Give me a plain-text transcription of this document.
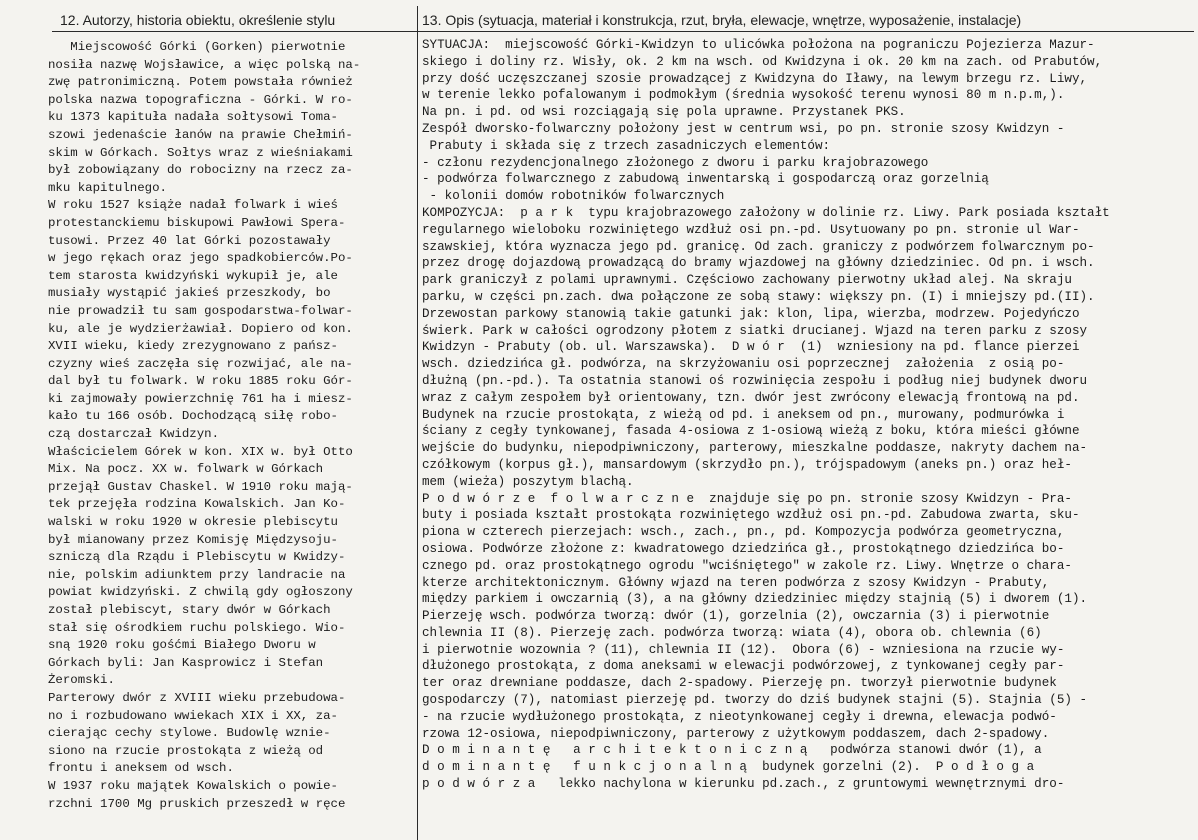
12. Autorzy, historia obiektu, określenie stylu	13. Opis (sytuacja, materiał i konstrukcja, rzut, bryła, elewacje, wnętrze, wyposażenie, instalacje)
Miejscowość Górki (Gorken) pierwotnie
nosiła nazwę Wojsławice, a więc polską na-
zwę patronimiczną. Potem powstała również
polska nazwa topograficzna - Górki. W ro-
ku 1373 kapituła nadała sołtysowi Toma-
szowi jedenaście łanów na prawie Chełmiń-
skim w Górkach. Sołtys wraz z wieśniakami
był zobowiązany do robocizny na rzecz za-
mku kapitulnego.
W roku 1527 książe nadał folwark i wieś
protestanckiemu biskupowi Pawłowi Spera-
tusowi. Przez 40 lat Górki pozostawały
w jego rękach oraz jego spadkobierców.Po-
tem starosta kwidzyński wykupił je, ale
musiały wystąpić jakieś przeszkody, bo
nie prowadził tu sam gospodarstwa-folwar-
ku, ale je wydzierżawiał. Dopiero od kon.
XVII wieku, kiedy zrezygnowano z pańsz-
czyzny wieś zaczęła się rozwijać, ale na-
dal był tu folwark. W roku 1885 roku Gór-
ki zajmowały powierzchnię 761 ha i miesz-
kało tu 166 osób. Dochodzącą siłę robo-
czą dostarczał Kwidzyn.
Właścicielem Górek w kon. XIX w. był Otto
Mix. Na pocz. XX w. folwark w Górkach
przejął Gustav Chaskel. W 1910 roku mają-
tek przejęła rodzina Kowalskich. Jan Ko-
walski w roku 1920 w okresie plebiscytu
był mianowany przez Komisję Międzysoju-
szniczą dla Rządu i Plebiscytu w Kwidzy-
nie, polskim adiunktem przy landracie na
powiat kwidzyński. Z chwilą gdy ogłoszony
został plebiscyt, stary dwór w Górkach
stał się ośrodkiem ruchu polskiego. Wio-
sną 1920 roku gośćmi Białego Dworu w
Górkach byli: Jan Kasprowicz i Stefan
Żeromski.
Parterowy dwór z XVIII wieku przebudowa-
no i rozbudowano wwiekach XIX i XX, za-
cierając cechy stylowe. Budowlę wznie-
siono na rzucie prostokąta z wieżą od
frontu i aneksem od wsch.
W 1937 roku majątek Kowalskich o powie-
rzchni 1700 Mg pruskich przeszedł w ręce
SYTUACJA:  miejscowość Górki-Kwidzyn to ulicówka położona na pograniczu Pojezierza Mazur-
skiego i doliny rz. Wisły, ok. 2 km na wsch. od Kwidzyna i ok. 20 km na zach. od Prabutów,
przy dość uczęszczanej szosie prowadzącej z Kwidzyna do Iławy, na lewym brzegu rz. Liwy,
w terenie lekko pofalowanym i podmokłym (średnia wysokość terenu wynosi 80 m n.p.m,).
Na pn. i pd. od wsi rozciągają się pola uprawne. Przystanek PKS.
Zespół dworsko-folwarczny położony jest w centrum wsi, po pn. stronie szosy Kwidzyn -
Prabuty i składa się z trzech zasadniczych elementów:
- członu rezydencjonalnego złożonego z dworu i parku krajobrazowego
- podwórza folwarcznego z zabudową inwentarską i gospodarczą oraz gorzelnią
- kolonii domów robotników folwarcznych
KOMPOZYCJA:  p a r k  typu krajobrazowego założony w dolinie rz. Liwy. Park posiada kształt
regularnego wieloboku rozwiniętego wzdłuż osi pn.-pd. Usytuowany po pn. stronie ul War-
szawskiej, która wyznacza jego pd. granicę. Od zach. graniczy z podwórzem folwarcznym po-
przez drogę dojazdową prowadzącą do bramy wjazdowej na główny dziedziniec. Od pn. i wsch.
park graniczył z polami uprawnymi. Częściowo zachowany pierwotny układ alej. Na skraju
parku, w części pn.zach. dwa połączone ze sobą stawy: większy pn. (I) i mniejszy pd.(II).
Drzewostan parkowy stanowią takie gatunki jak: klon, lipa, wierzba, modrzew. Pojedyńczo
świerk. Park w całości ogrodzony płotem z siatki drucianej. Wjazd na teren parku z szosy
Kwidzyn - Prabuty (ob. ul. Warszawska).  D w ó r  (1)  wzniesiony na pd. flance pierzei
wsch. dziedzińca gł. podwórza, na skrzyżowaniu osi poprzecznej  założenia  z osią po-
dłużną (pn.-pd.). Ta ostatnia stanowi oś rozwinięcia zespołu i podług niej budynek dworu
wraz z całym zespołem był orientowany, tzn. dwór jest zwrócony elewacją frontową na pd.
Budynek na rzucie prostokąta, z wieżą od pd. i aneksem od pn., murowany, podmurówka i
ściany z cegły tynkowanej, fasada 4-osiowa z 1-osiową wieżą z boku, która mieści główne
wejście do budynku, niepodpiwniczony, parterowy, mieszkalne poddasze, nakryty dachem na-
czółkowym (korpus gł.), mansardowym (skrzydło pn.), trójspadowym (aneks pn.) oraz heł-
mem (wieża) poszytym blachą.
P o d w ó r z e  f o l w a r c z n e  znajduje się po pn. stronie szosy Kwidzyn - Pra-
buty i posiada kształt prostokąta rozwiniętego wzdłuż osi pn.-pd. Zabudowa zwarta, sku-
piona w czterech pierzejach: wsch., zach., pn., pd. Kompozycja podwórza geometryczna,
osiowa. Podwórze złożone z: kwadratowego dziedzińca gł., prostokątnego dziedzińca bo-
cznego pd. oraz prostokątnego ogrodu "wciśniętego" w zakole rz. Liwy. Wnętrze o chara-
kterze architektonicznym. Główny wjazd na teren podwórza z szosy Kwidzyn - Prabuty,
między parkiem i owczarnią (3), a na główny dziedziniec między stajnią (5) i dworem (1).
Pierzeję wsch. podwórza tworzą: dwór (1), gorzelnia (2), owczarnia (3) i pierwotnie
chlewnia II (8). Pierzeję zach. podwórza tworzą: wiata (4), obora ob. chlewnia (6)
i pierwotnie wozownia ? (11), chlewnia II (12).  Obora (6) - wzniesiona na rzucie wy-
dłużonego prostokąta, z doma aneksami w elewacji podwórzowej, z tynkowanej cegły par-
ter oraz drewniane poddasze, dach 2-spadowy. Pierzeję pn. tworzył pierwotnie budynek
gospodarczy (7), natomiast pierzeję pd. tworzy do dziś budynek stajni (5). Stajnia (5) -
- na rzucie wydłużonego prostokąta, z nieotynkowanej cegły i drewna, elewacja podwó-
rzowa 12-osiowa, niepodpiwniczony, parterowy z użytkowym poddaszem, dach 2-spadowy.
D o m i n a n t ę   a r c h i t e k t o n i c z n ą   podwórza stanowi dwór (1), a
d o m i n a n t ę   f u n k c j o n a l n ą  budynek gorzelni (2).  P o d ł o g a
p o d w ó r z a   lekko nachylona w kierunku pd.zach., z gruntowymi wewnętrznymi dro-
